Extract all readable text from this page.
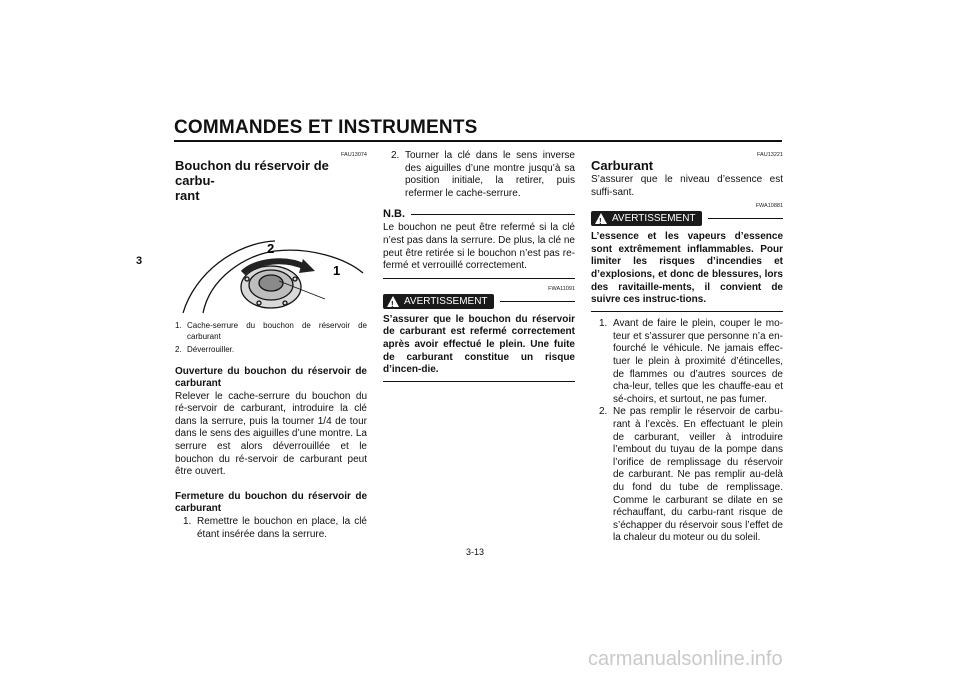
COMMANDES ET INSTRUMENTS
3
FAU13074
Bouchon du réservoir de carbu-
rant
2
1
1. Cache-serrure du bouchon de réservoir de carburant
2. Déverrouiller.

Ouverture du bouchon du réservoir de carburant

Relever le cache-serrure du bouchon du ré-servoir de carburant, introduire la clé dans la serrure, puis la tourner 1/4 de tour dans le sens des aiguilles d’une montre. La serrure est alors déverrouillée et le bouchon du ré-servoir de carburant peut être ouvert.

Fermeture du bouchon du réservoir de carburant

1. Remettre le bouchon en place, la clé étant insérée dans la serrure.
2. Tourner la clé dans le sens inverse des aiguilles d’une montre jusqu’à sa position initiale, la retirer, puis refermer le cache-serrure.
N.B.

Le bouchon ne peut être refermé si la clé n’est pas dans la serrure. De plus, la clé ne peut être retirée si le bouchon n’est pas re-fermé et verrouillé correctement.

FWA11091
! AVERTISSEMENT

S’assurer que le bouchon du réservoir de carburant est refermé correctement après avoir effectué le plein. Une fuite de carburant constitue un risque d’incen-die.

FAU13221
Carburant

S’assurer que le niveau d’essence est suffi-sant.

FWA10881
! AVERTISSEMENT

L’essence et les vapeurs d’essence sont extrêmement inflammables. Pour limiter les risques d’incendies et d’explosions, et donc de blessures, lors des ravitaille-ments, il convient de suivre ces instruc-tions.

1. Avant de faire le plein, couper le mo-teur et s’assurer que personne n’a en-fourché le véhicule. Ne jamais effec-tuer le plein à proximité d’étincelles, de flammes ou d’autres sources de cha-leur, telles que les chauffe-eau et sé-choirs, et surtout, ne pas fumer.
2. Ne pas remplir le réservoir de carbu-rant à l’excès. En effectuant le plein de carburant, veiller à introduire l’embout du tuyau de la pompe dans l’orifice de remplissage du réservoir de carburant. Ne pas remplir au-delà du fond du tube de remplissage. Comme le carburant se dilate en se réchauffant, du carbu-rant risque de s’échapper du réservoir sous l’effet de la chaleur du moteur ou du soleil.
3-13
carmanualsonline.info
